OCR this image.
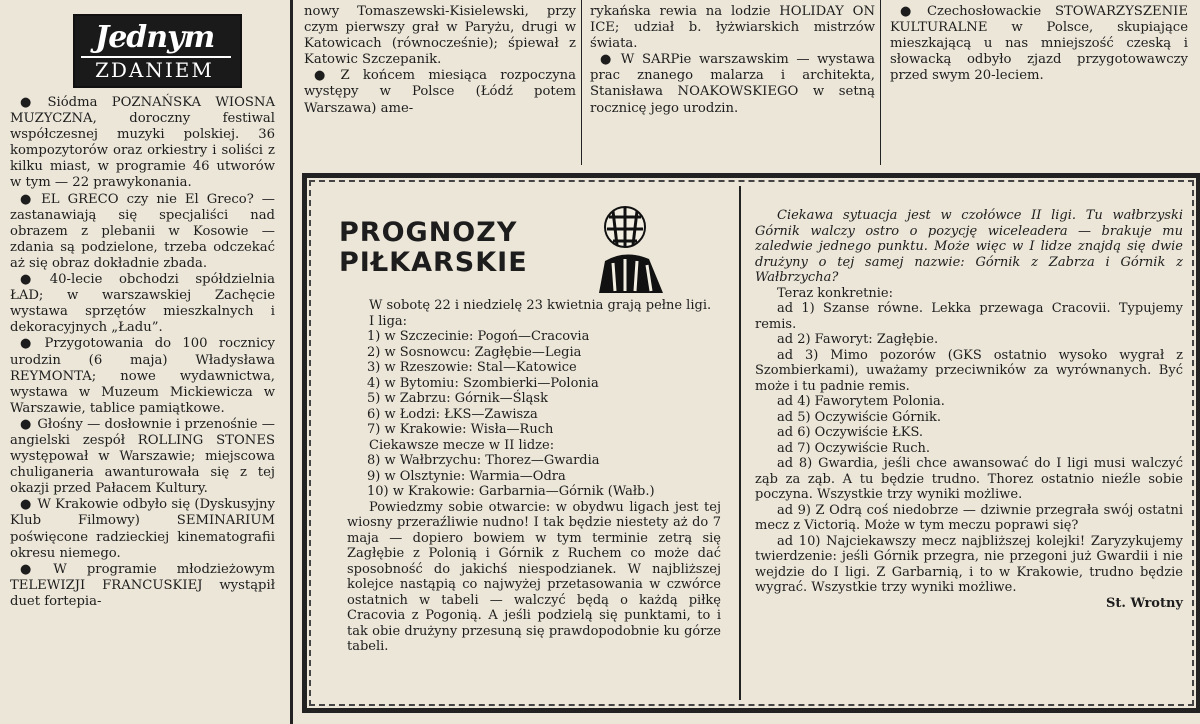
Jednym
ZDANIEM

● Siódma POZNAŃSKA WIOSNA MUZYCZNA, doroczny festiwal współczesnej muzyki polskiej. 36 kompozytorów oraz orkiestry i soliści z kilku miast, w programie 46 utworów w tym — 22 prawykonania.

● EL GRECO czy nie El Greco? — zastanawiają się specjaliści nad obrazem z plebanii w Kosowie — zdania są podzielone, trzeba odczekać aż się obraz dokładnie zbada.

● 40-lecie obchodzi spółdzielnia ŁAD; w warszawskiej Zachęcie wystawa sprzętów mieszkalnych i dekoracyjnych „Ładu”.

● Przygotowania do 100 rocznicy urodzin (6 maja) Władysława REYMONTA; nowe wydawnictwa, wystawa w Muzeum Mickiewicza w Warszawie, tablice pamiątkowe.

● Głośny — dosłownie i przenośnie — angielski zespół ROLLING STONES występował w Warszawie; miejscowa chuliganeria awanturowała się z tej okazji przed Pałacem Kultury.

● W Krakowie odbyło się (Dyskusyjny Klub Filmowy) SEMINARIUM poświęcone radzieckiej kinematografii okresu niemego.

● W programie młodzieżowym TELEWIZJI FRANCUSKIEJ wystąpił duet fortepia-

nowy Tomaszewski-Kisielewski, przy czym pierwszy grał w Paryżu, drugi w Katowicach (równocześnie); śpiewał z Katowic Szczepanik.

● Z końcem miesiąca rozpoczyna występy w Polsce (Łódź potem Warszawa) ame-

rykańska rewia na lodzie HOLIDAY ON ICE; udział b. łyżwiarskich mistrzów świata.

● W SARPie warszawskim — wystawa prac znanego malarza i architekta, Stanisława NOAKOWSKIEGO w setną rocznicę jego urodzin.

● Czechosłowackie STOWARZYSZENIE KULTURALNE w Polsce, skupiające mieszkającą u nas mniejszość czeską i słowacką odbyło zjazd przygotowawczy przed swym 20-leciem.

PROGNOZY
PIŁKARSKIE

W sobotę 22 i niedzielę 23 kwietnia grają pełne ligi.

I liga:

1) w Szczecinie: Pogoń—Cracovia

2) w Sosnowcu: Zagłębie—Legia

3) w Rzeszowie: Stal—Katowice

4) w Bytomiu: Szombierki—Polonia

5) w Zabrzu: Górnik—Śląsk

6) w Łodzi: ŁKS—Zawisza

7) w Krakowie: Wisła—Ruch

Ciekawsze mecze w II lidze:

8) w Wałbrzychu: Thorez—Gwardia

9) w Olsztynie: Warmia—Odra

10) w Krakowie: Garbarnia—Górnik (Wałb.)

Powiedzmy sobie otwarcie: w obydwu ligach jest tej wiosny przeraźliwie nudno! I tak będzie niestety aż do 7 maja — dopiero bowiem w tym terminie zetrą się Zagłębie z Polonią i Górnik z Ruchem co może dać sposobność do jakichś niespodzianek. W najbliższej kolejce nastąpią co najwyżej przetasowania w czwórce ostatnich w tabeli — walczyć będą o każdą piłkę Cracovia z Pogonią. A jeśli podzielą się punktami, to i tak obie drużyny przesuną się prawdopodobnie ku górze tabeli.

Ciekawa sytuacja jest w czołówce II ligi. Tu wałbrzyski Górnik walczy ostro o pozycję wiceleadera — brakuje mu zaledwie jednego punktu. Może więc w I lidze znajdą się dwie drużyny o tej samej nazwie: Górnik z Zabrza i Górnik z Wałbrzycha?

Teraz konkretnie:

ad 1) Szanse równe. Lekka przewaga Cracovii. Typujemy remis.

ad 2) Faworyt: Zagłębie.

ad 3) Mimo pozorów (GKS ostatnio wysoko wygrał z Szombierkami), uważamy przeciwników za wyrównanych. Być może i tu padnie remis.

ad 4) Faworytem Polonia.

ad 5) Oczywiście Górnik.

ad 6) Oczywiście ŁKS.

ad 7) Oczywiście Ruch.

ad 8) Gwardia, jeśli chce awansować do I ligi musi walczyć ząb za ząb. A tu będzie trudno. Thorez ostatnio nieźle sobie poczyna. Wszystkie trzy wyniki możliwe.

ad 9) Z Odrą coś niedobrze — dziwnie przegrała swój ostatni mecz z Victorią. Może w tym meczu poprawi się?

ad 10) Najciekawszy mecz najbliższej kolejki! Zaryzykujemy twierdzenie: jeśli Górnik przegra, nie przegoni już Gwardii i nie wejdzie do I ligi. Z Garbarnią, i to w Krakowie, trudno będzie wygrać. Wszystkie trzy wyniki możliwe.

St. Wrotny
